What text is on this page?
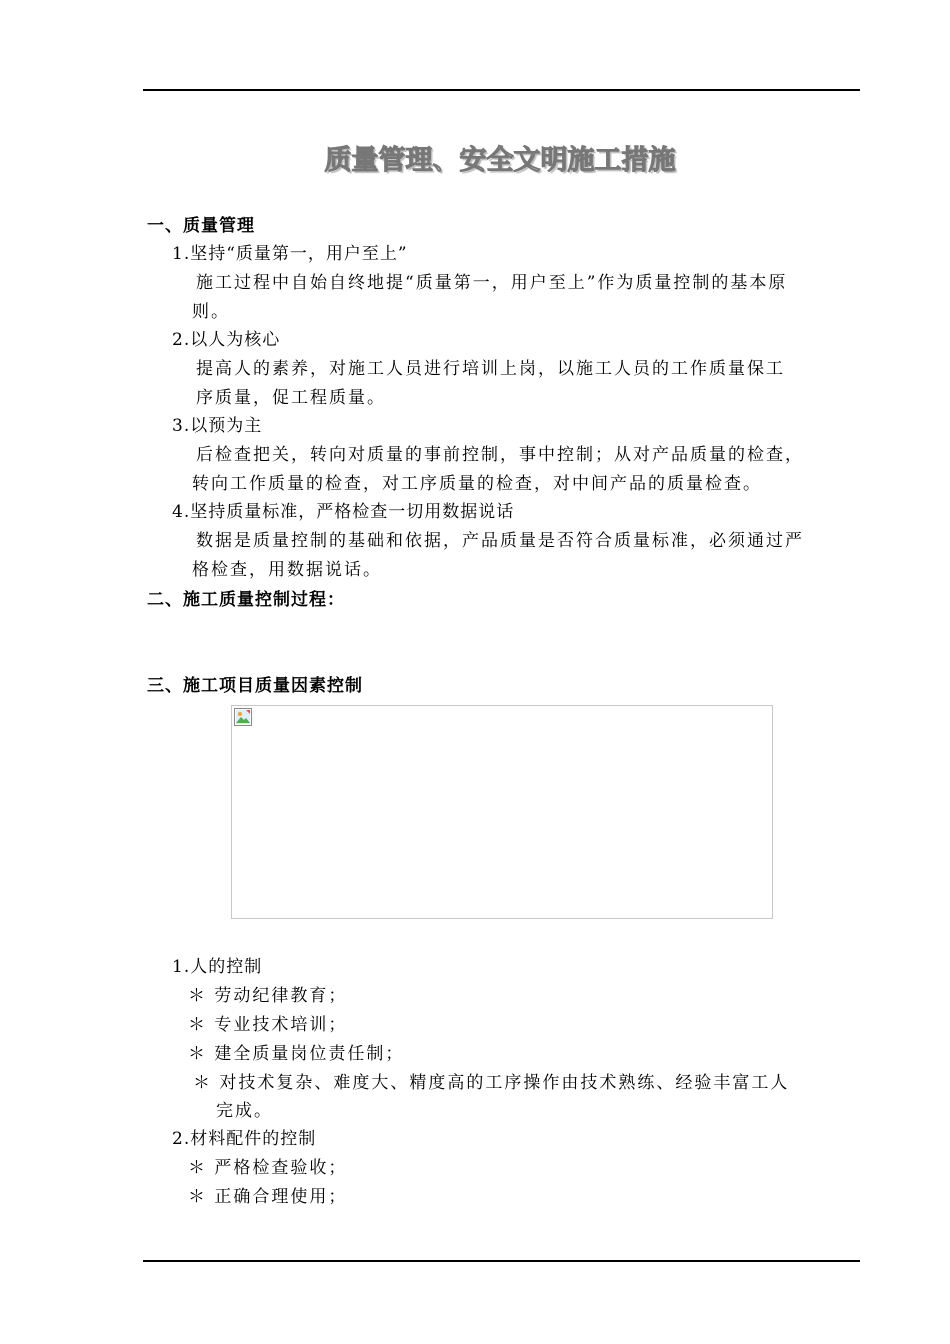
质量管理、安全文明施工措施
一、质量管理
1.坚持“质量第一，用户至上”
施工过程中自始自终地提“质量第一，用户至上”作为质量控制的基本原
则。
2.以人为核心
提高人的素养，对施工人员进行培训上岗，以施工人员的工作质量保工
序质量，促工程质量。
3.以预为主
后检查把关，转向对质量的事前控制，事中控制；从对产品质量的检查，
转向工作质量的检查，对工序质量的检查，对中间产品的质量检查。
4.坚持质量标准，严格检查一切用数据说话
数据是质量控制的基础和依据，产品质量是否符合质量标准，必须通过严
格检查，用数据说话。
二、施工质量控制过程：
三、施工项目质量因素控制
1.人的控制
＊ 劳动纪律教育；
＊ 专业技术培训；
＊ 建全质量岗位责任制；
＊ 对技术复杂、难度大、精度高的工序操作由技术熟练、经验丰富工人
完成。
2.材料配件的控制
＊ 严格检查验收；
＊ 正确合理使用；
